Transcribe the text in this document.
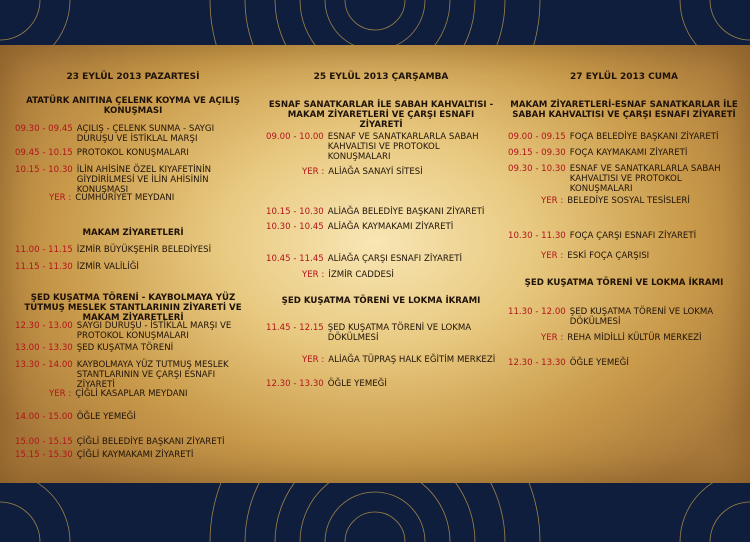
23 EYLÜL 2013 PAZARTESİ
ATATÜRK ANITINA ÇELENK KOYMA VE AÇILIŞ KONUŞMASI
09.30 - 09.45 AÇILIŞ - ÇELENK SUNMA - SAYGI DURUŞU VE İSTİKLAL MARŞI
09.45 - 10.15 PROTOKOL KONUŞMALARI
10.15 - 10.30 İLİN AHİSİNE ÖZEL KIYAFETİNİN GİYDİRİLMESİ VE İLİN AHİSİNİN KONUŞMASI
YER : CUMHURİYET MEYDANI
MAKAM ZİYARETLERİ
11.00 - 11.15 İZMİR BÜYÜKŞEHİR BELEDİYESİ
11.15 - 11.30 İZMİR VALİLİĞİ
ŞED KUŞATMA TÖRENİ - KAYBOLMAYA YÜZ TUTMUŞ MESLEK STANTLARININ ZİYARETİ VE MAKAM ZİYARETLERİ
12.30 - 13.00 SAYGI DURUŞU - İSTİKLAL MARŞI VE PROTOKOL KONUŞMALARI
13.00 - 13.30 ŞED KUŞATMA TÖRENİ
13.30 - 14.00 KAYBOLMAYA YÜZ TUTMUŞ MESLEK STANTLARININ VE ÇARŞI ESNAFI ZİYARETİ
YER : ÇİĞLİ KASAPLAR MEYDANI
14.00 - 15.00 ÖĞLE YEMEĞİ
15.00 - 15.15 ÇİĞLİ BELEDİYE BAŞKANI ZİYARETİ
15.15 - 15.30 ÇİĞLİ KAYMAKAMI ZİYARETİ
25 EYLÜL 2013 ÇARŞAMBA
ESNAF SANATKARLAR İLE SABAH KAHVALTISI - MAKAM ZİYARETLERİ VE ÇARŞI ESNAFI ZİYARETİ
09.00 - 10.00 ESNAF VE SANATKARLARLA SABAH KAHVALTISI VE PROTOKOL KONUŞMALARI
YER : ALİAĞA SANAYİ SİTESİ
10.15 - 10.30 ALİAĞA BELEDİYE BAŞKANI ZİYARETİ
10.30 - 10.45 ALİAĞA KAYMAKAMI ZİYARETİ
10.45 - 11.45 ALİAĞA ÇARŞI ESNAFI ZİYARETİ
YER : İZMİR CADDESİ
ŞED KUŞATMA TÖRENİ VE LOKMA İKRAMI
11.45 - 12.15 ŞED KUŞATMA TÖRENİ VE LOKMA DÖKÜLMESİ
YER : ALİAĞA TÜPRAŞ HALK EĞİTİM MERKEZİ
12.30 - 13.30 ÖĞLE YEMEĞİ
27 EYLÜL 2013 CUMA
MAKAM ZİYARETLERİ-ESNAF SANATKARLAR İLE SABAH KAHVALTISI VE ÇARŞI ESNAFI ZİYARETİ
09.00 - 09.15 FOÇA BELEDİYE BAŞKANI ZİYARETİ
09.15 - 09.30 FOÇA KAYMAKAMI ZİYARETİ
09.30 - 10.30 ESNAF VE SANATKARLARLA SABAH KAHVALTISI VE PROTOKOL KONUŞMALARI
YER : BELEDİYE SOSYAL TESİSLERİ
10.30 - 11.30 FOÇA ÇARŞI ESNAFI ZİYARETİ
YER : ESKİ FOÇA ÇARŞISI
ŞED KUŞATMA TÖRENİ VE LOKMA İKRAMI
11.30 - 12.00 ŞED KUŞATMA TÖRENİ VE LOKMA DÖKÜLMESİ
YER : REHA MİDİLLİ KÜLTÜR MERKEZİ
12.30 - 13.30 ÖĞLE YEMEĞİ
